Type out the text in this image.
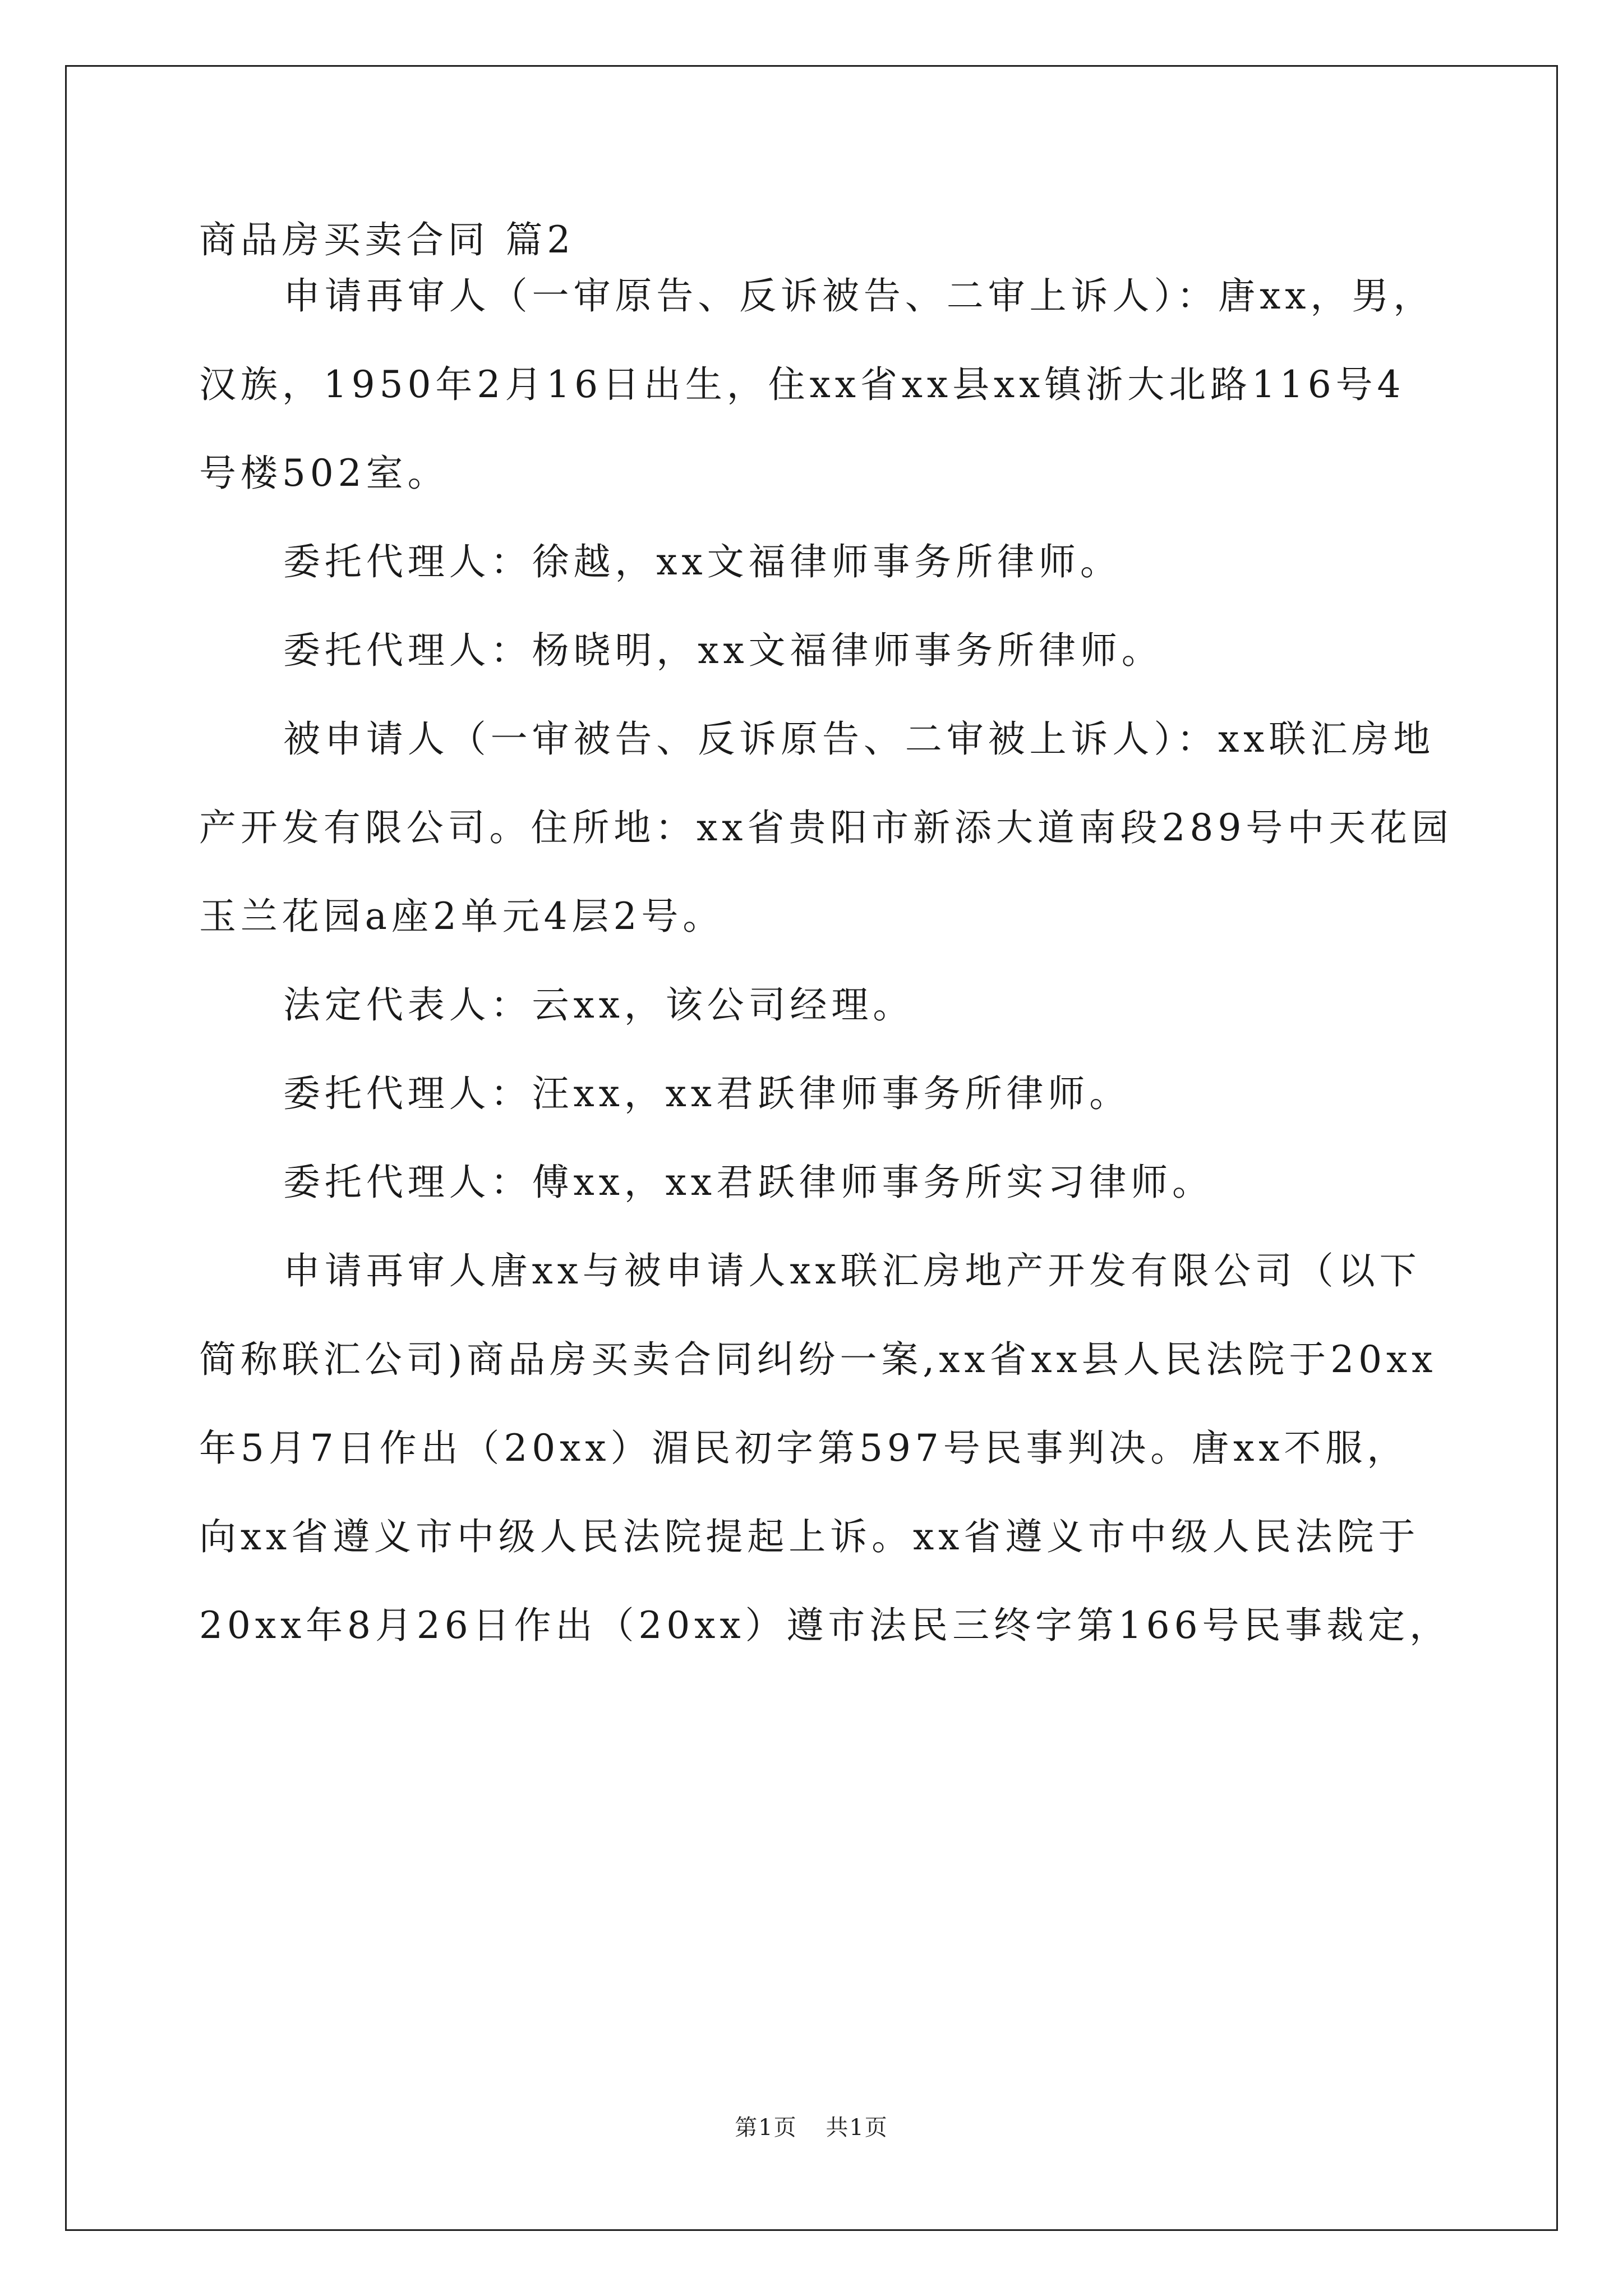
商品房买卖合同 篇2
申请再审人（一审原告、反诉被告、二审上诉人）：唐xx，男，
汉族，1950年2月16日出生，住xx省xx县xx镇浙大北路116号4
号楼502室。
委托代理人：徐越，xx文福律师事务所律师。
委托代理人：杨晓明，xx文福律师事务所律师。
被申请人（一审被告、反诉原告、二审被上诉人）：xx联汇房地
产开发有限公司。住所地：xx省贵阳市新添大道南段289号中天花园
玉兰花园a座2单元4层2号。
法定代表人：云xx，该公司经理。
委托代理人：汪xx，xx君跃律师事务所律师。
委托代理人：傅xx，xx君跃律师事务所实习律师。
申请再审人唐xx与被申请人xx联汇房地产开发有限公司（以下
简称联汇公司)商品房买卖合同纠纷一案,xx省xx县人民法院于20xx
年5月7日作出（20xx）湄民初字第597号民事判决。唐xx不服，
向xx省遵义市中级人民法院提起上诉。xx省遵义市中级人民法院于
20xx年8月26日作出（20xx）遵市法民三终字第166号民事裁定，
第1页 共1页
